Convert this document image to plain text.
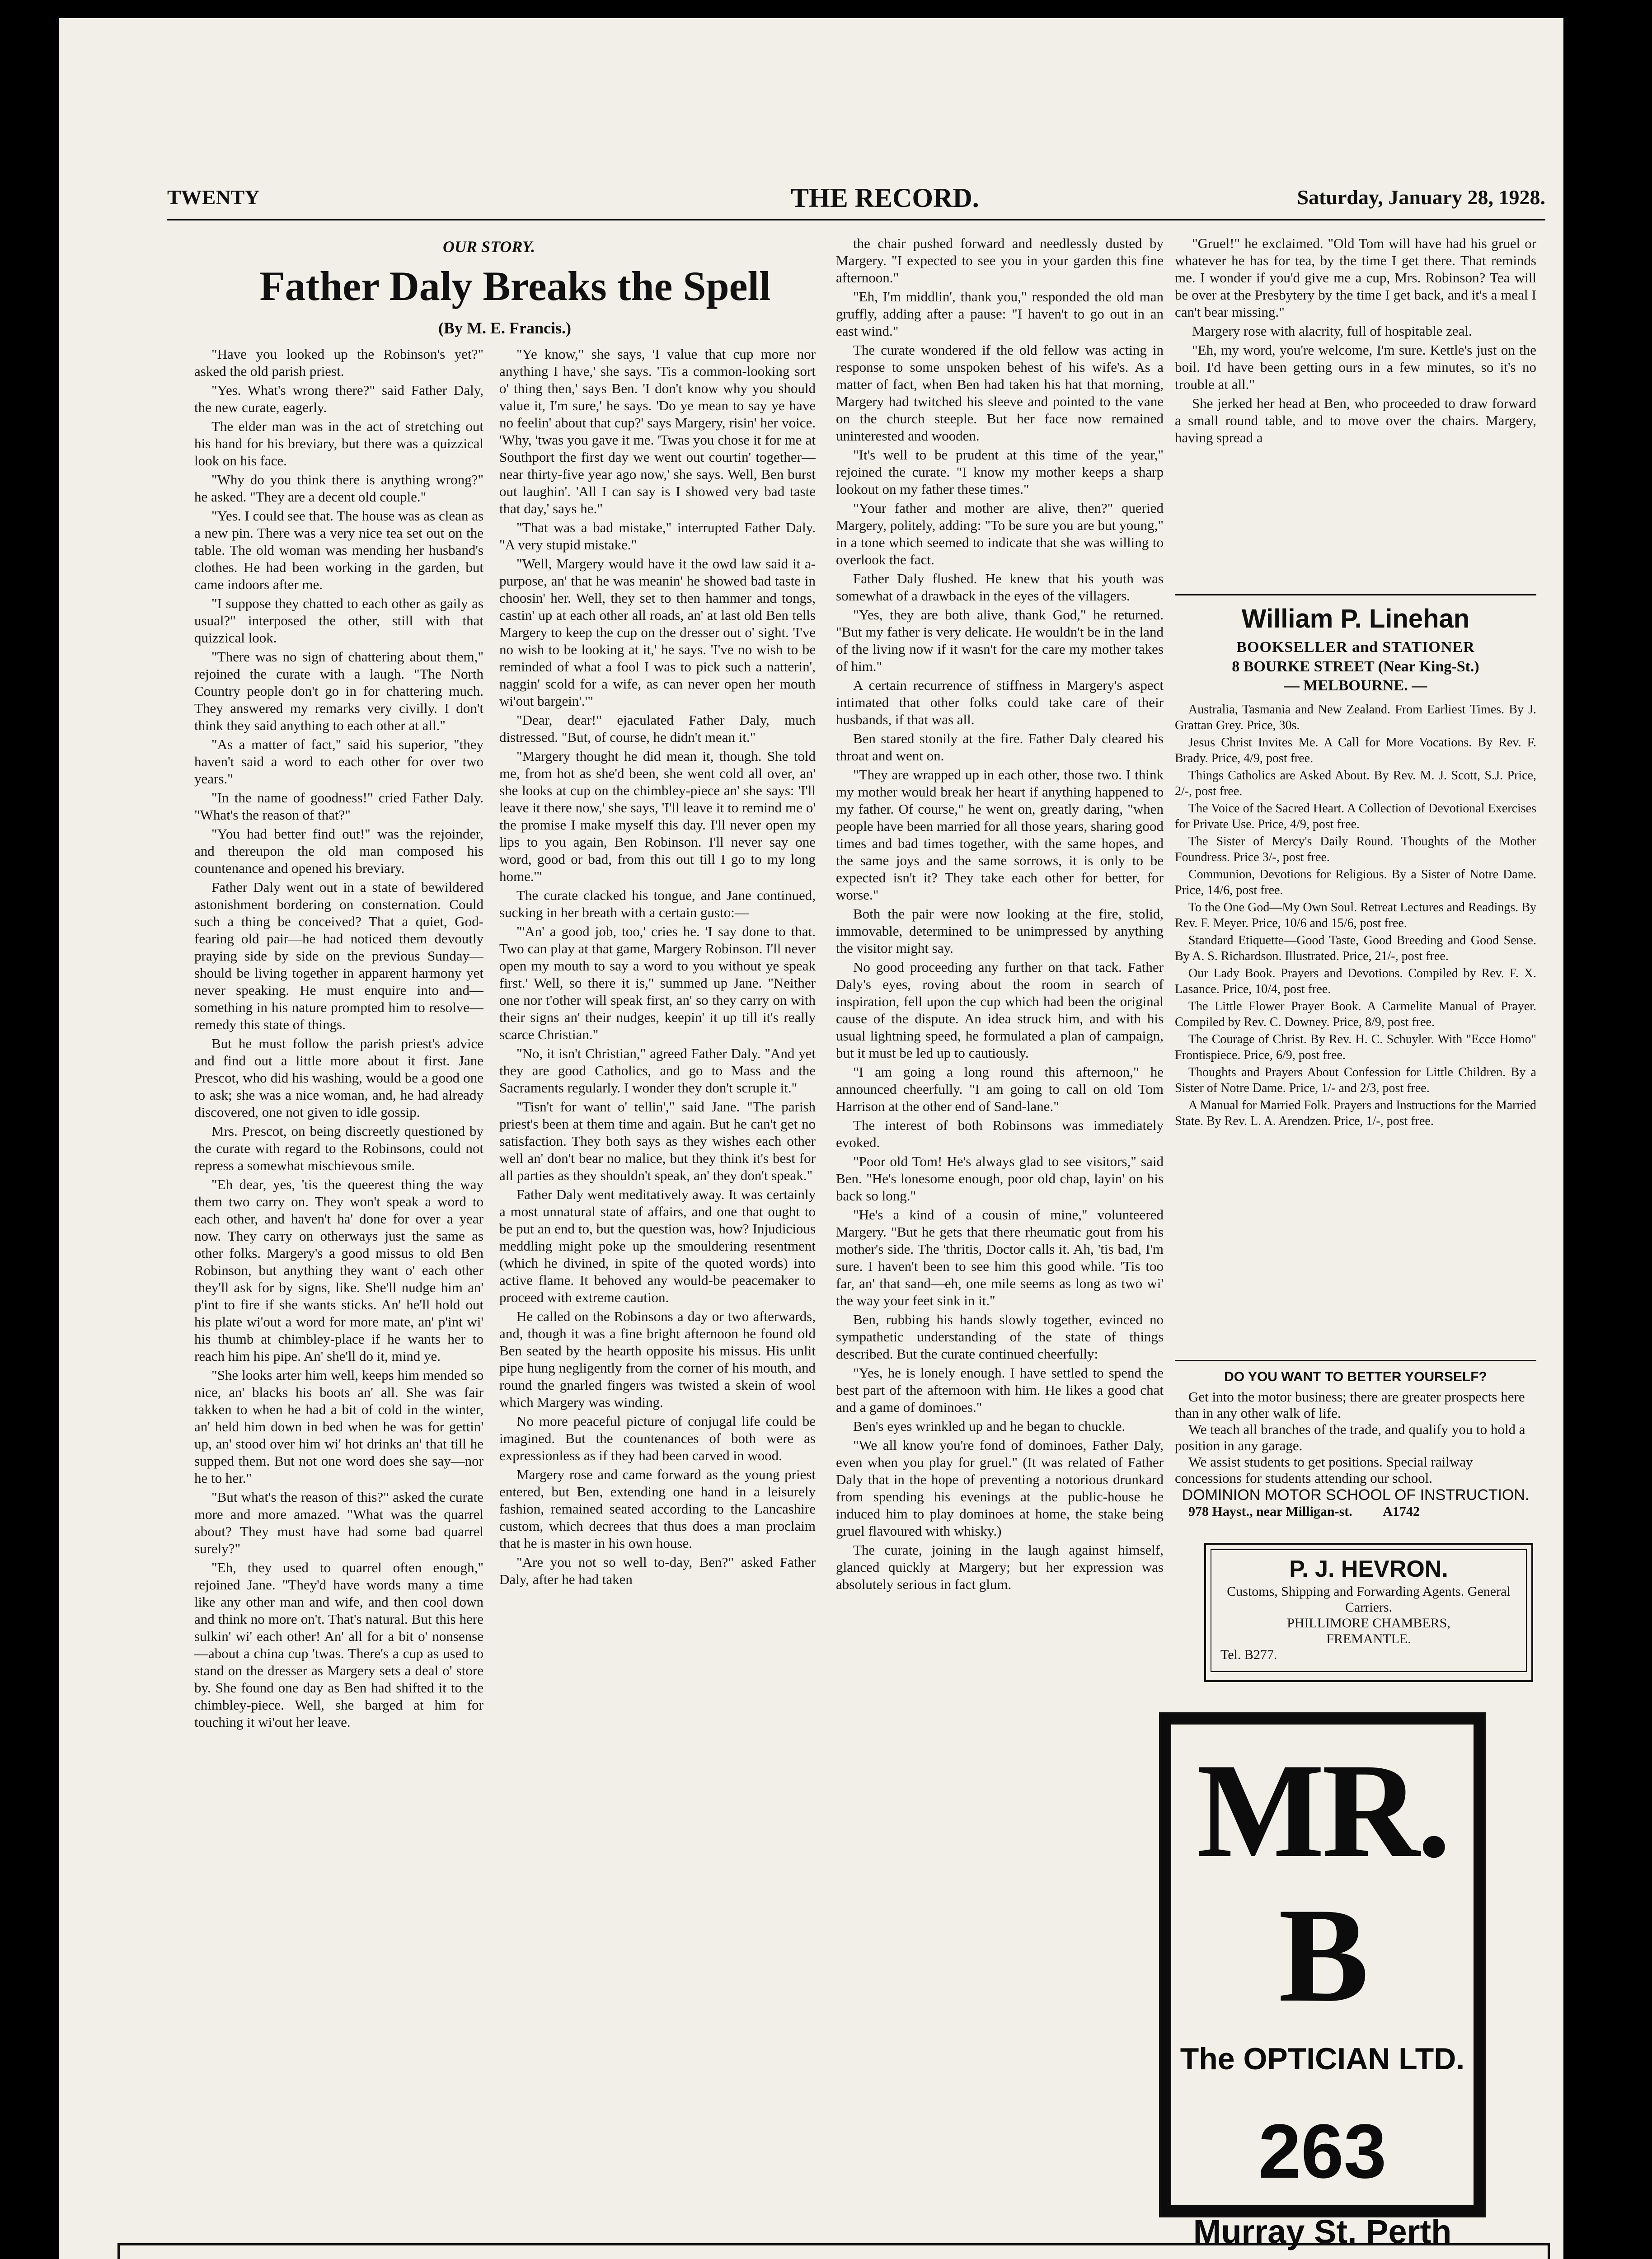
TWENTY	THE RECORD.	Saturday, January 28, 1928.
OUR STORY.
Father Daly Breaks the Spell
(By M. E. Francis.)

"Have you looked up the Robinson's yet?" asked the old parish priest.

"Yes. What's wrong there?" said Father Daly, the new curate, eagerly.

The elder man was in the act of stretching out his hand for his breviary, but there was a quizzical look on his face.

"Why do you think there is anything wrong?" he asked. "They are a decent old couple."

"Yes. I could see that. The house was as clean as a new pin. There was a very nice tea set out on the table. The old woman was mending her husband's clothes. He had been working in the garden, but came indoors after me.

"I suppose they chatted to each other as gaily as usual?" interposed the other, still with that quizzical look.

"There was no sign of chattering about them," rejoined the curate with a laugh. "The North Country people don't go in for chattering much. They answered my remarks very civilly. I don't think they said anything to each other at all."

"As a matter of fact," said his superior, "they haven't said a word to each other for over two years."

"In the name of goodness!" cried Father Daly. "What's the reason of that?"

"You had better find out!" was the rejoinder, and thereupon the old man composed his countenance and opened his breviary.

Father Daly went out in a state of bewildered astonishment bordering on consternation. Could such a thing be conceived? That a quiet, God-fearing old pair—he had noticed them devoutly praying side by side on the previous Sunday—should be living together in apparent harmony yet never speaking. He must enquire into and—something in his nature prompted him to resolve—remedy this state of things.

But he must follow the parish priest's advice and find out a little more about it first. Jane Prescot, who did his washing, would be a good one to ask; she was a nice woman, and, he had already discovered, one not given to idle gossip.

Mrs. Prescot, on being discreetly questioned by the curate with regard to the Robinsons, could not repress a somewhat mischievous smile.

"Eh dear, yes, 'tis the queerest thing the way them two carry on. They won't speak a word to each other, and haven't ha' done for over a year now. They carry on otherways just the same as other folks. Margery's a good missus to old Ben Robinson, but anything they want o' each other they'll ask for by signs, like. She'll nudge him an' p'int to fire if she wants sticks. An' he'll hold out his plate wi'out a word for more mate, an' p'int wi' his thumb at chimbley-place if he wants her to reach him his pipe. An' she'll do it, mind ye.

"She looks arter him well, keeps him mended so nice, an' blacks his boots an' all. She was fair takken to when he had a bit of cold in the winter, an' held him down in bed when he was for gettin' up, an' stood over him wi' hot drinks an' that till he supped them. But not one word does she say—nor he to her."

"But what's the reason of this?" asked the curate more and more amazed. "What was the quarrel about? They must have had some bad quarrel surely?"

"Eh, they used to quarrel often enough," rejoined Jane. "They'd have words many a time like any other man and wife, and then cool down and think no more on't. That's natural. But this here sulkin' wi' each other! An' all for a bit o' nonsense—about a china cup 'twas. There's a cup as used to stand on the dresser as Margery sets a deal o' store by. She found one day as Ben had shifted it to the chimbley-piece. Well, she barged at him for touching it wi'out her leave.

"Ye know," she says, 'I value that cup more nor anything I have,' she says. 'Tis a common-looking sort o' thing then,' says Ben. 'I don't know why you should value it, I'm sure,' he says. 'Do ye mean to say ye have no feelin' about that cup?' says Margery, risin' her voice. 'Why, 'twas you gave it me. 'Twas you chose it for me at Southport the first day we went out courtin' together—near thirty-five year ago now,' she says. Well, Ben burst out laughin'. 'All I can say is I showed very bad taste that day,' says he."

"That was a bad mistake," interrupted Father Daly. "A very stupid mistake."

"Well, Margery would have it the owd law said it a-purpose, an' that he was meanin' he showed bad taste in choosin' her. Well, they set to then hammer and tongs, castin' up at each other all roads, an' at last old Ben tells Margery to keep the cup on the dresser out o' sight. 'I've no wish to be looking at it,' he says. 'I've no wish to be reminded of what a fool I was to pick such a natterin', naggin' scold for a wife, as can never open her mouth wi'out bargein'.'"

"Dear, dear!" ejaculated Father Daly, much distressed. "But, of course, he didn't mean it."

"Margery thought he did mean it, though. She told me, from hot as she'd been, she went cold all over, an' she looks at cup on the chimbley-piece an' she says: 'I'll leave it there now,' she says, 'I'll leave it to remind me o' the promise I make myself this day. I'll never open my lips to you again, Ben Robinson. I'll never say one word, good or bad, from this out till I go to my long home.'"

The curate clacked his tongue, and Jane continued, sucking in her breath with a certain gusto:—

"'An' a good job, too,' cries he. 'I say done to that. Two can play at that game, Margery Robinson. I'll never open my mouth to say a word to you without ye speak first.' Well, so there it is," summed up Jane. "Neither one nor t'other will speak first, an' so they carry on with their signs an' their nudges, keepin' it up till it's really scarce Christian."

"No, it isn't Christian," agreed Father Daly. "And yet they are good Catholics, and go to Mass and the Sacraments regularly. I wonder they don't scruple it."

"Tisn't for want o' tellin'," said Jane. "The parish priest's been at them time and again. But he can't get no satisfaction. They both says as they wishes each other well an' don't bear no malice, but they think it's best for all parties as they shouldn't speak, an' they don't speak."

Father Daly went meditatively away. It was certainly a most unnatural state of affairs, and one that ought to be put an end to, but the question was, how? Injudicious meddling might poke up the smouldering resentment (which he divined, in spite of the quoted words) into active flame. It behoved any would-be peacemaker to proceed with extreme caution.

He called on the Robinsons a day or two afterwards, and, though it was a fine bright afternoon he found old Ben seated by the hearth opposite his missus. His unlit pipe hung negligently from the corner of his mouth, and round the gnarled fingers was twisted a skein of wool which Margery was winding.

No more peaceful picture of conjugal life could be imagined. But the countenances of both were as expressionless as if they had been carved in wood.

Margery rose and came forward as the young priest entered, but Ben, extending one hand in a leisurely fashion, remained seated according to the Lancashire custom, which decrees that thus does a man proclaim that he is master in his own house.

"Are you not so well to-day, Ben?" asked Father Daly, after he had taken

the chair pushed forward and needlessly dusted by Margery. "I expected to see you in your garden this fine afternoon."

"Eh, I'm middlin', thank you," responded the old man gruffly, adding after a pause: "I haven't to go out in an east wind."

The curate wondered if the old fellow was acting in response to some unspoken behest of his wife's. As a matter of fact, when Ben had taken his hat that morning, Margery had twitched his sleeve and pointed to the vane on the church steeple. But her face now remained uninterested and wooden.

"It's well to be prudent at this time of the year," rejoined the curate. "I know my mother keeps a sharp lookout on my father these times."

"Your father and mother are alive, then?" queried Margery, politely, adding: "To be sure you are but young," in a tone which seemed to indicate that she was willing to overlook the fact.

Father Daly flushed. He knew that his youth was somewhat of a drawback in the eyes of the villagers.

"Yes, they are both alive, thank God," he returned. "But my father is very delicate. He wouldn't be in the land of the living now if it wasn't for the care my mother takes of him."

A certain recurrence of stiffness in Margery's aspect intimated that other folks could take care of their husbands, if that was all.

Ben stared stonily at the fire. Father Daly cleared his throat and went on.

"They are wrapped up in each other, those two. I think my mother would break her heart if anything happened to my father. Of course," he went on, greatly daring, "when people have been married for all those years, sharing good times and bad times together, with the same hopes, and the same joys and the same sorrows, it is only to be expected isn't it? They take each other for better, for worse."

Both the pair were now looking at the fire, stolid, immovable, determined to be unimpressed by anything the visitor might say.

No good proceeding any further on that tack. Father Daly's eyes, roving about the room in search of inspiration, fell upon the cup which had been the original cause of the dispute. An idea struck him, and with his usual lightning speed, he formulated a plan of campaign, but it must be led up to cautiously.

"I am going a long round this afternoon," he announced cheerfully. "I am going to call on old Tom Harrison at the other end of Sand-lane."

The interest of both Robinsons was immediately evoked.

"Poor old Tom! He's always glad to see visitors," said Ben. "He's lonesome enough, poor old chap, layin' on his back so long."

"He's a kind of a cousin of mine," volunteered Margery. "But he gets that there rheumatic gout from his mother's side. The 'thritis, Doctor calls it. Ah, 'tis bad, I'm sure. I haven't been to see him this good while. 'Tis too far, an' that sand—eh, one mile seems as long as two wi' the way your feet sink in it."

Ben, rubbing his hands slowly together, evinced no sympathetic understanding of the state of things described. But the curate continued cheerfully:

"Yes, he is lonely enough. I have settled to spend the best part of the afternoon with him. He likes a good chat and a game of dominoes."

Ben's eyes wrinkled up and he began to chuckle.

"We all know you're fond of dominoes, Father Daly, even when you play for gruel." (It was related of Father Daly that in the hope of preventing a notorious drunkard from spending his evenings at the public-house he induced him to play dominoes at home, the stake being gruel flavoured with whisky.)

The curate, joining in the laugh against himself, glanced quickly at Margery; but her expression was absolutely serious in fact glum.

"Gruel!" he exclaimed. "Old Tom will have had his gruel or whatever he has for tea, by the time I get there. That reminds me. I wonder if you'd give me a cup, Mrs. Robinson? Tea will be over at the Presbytery by the time I get back, and it's a meal I can't bear missing."

Margery rose with alacrity, full of hospitable zeal.

"Eh, my word, you're welcome, I'm sure. Kettle's just on the boil. I'd have been getting ours in a few minutes, so it's no trouble at all."

She jerked her head at Ben, who proceeded to draw forward a small round table, and to move over the chairs. Margery, having spread a

William P. Linehan
BOOKSELLER and STATIONER
8 BOURKE STREET (Near King-St.)
— MELBOURNE. —

Australia, Tasmania and New Zealand. From Earliest Times. By J. Grattan Grey. Price, 30s.

Jesus Christ Invites Me. A Call for More Vocations. By Rev. F. Brady. Price, 4/9, post free.

Things Catholics are Asked About. By Rev. M. J. Scott, S.J. Price, 2/-, post free.

The Voice of the Sacred Heart. A Collection of Devotional Exercises for Private Use. Price, 4/9, post free.

The Sister of Mercy's Daily Round. Thoughts of the Mother Foundress. Price 3/-, post free.

Communion, Devotions for Religious. By a Sister of Notre Dame. Price, 14/6, post free.

To the One God—My Own Soul. Retreat Lectures and Readings. By Rev. F. Meyer. Price, 10/6 and 15/6, post free.

Standard Etiquette—Good Taste, Good Breeding and Good Sense. By A. S. Richardson. Illustrated. Price, 21/-, post free.

Our Lady Book. Prayers and Devotions. Compiled by Rev. F. X. Lasance. Price, 10/4, post free.

The Little Flower Prayer Book. A Carmelite Manual of Prayer. Compiled by Rev. C. Downey. Price, 8/9, post free.

The Courage of Christ. By Rev. H. C. Schuyler. With "Ecce Homo" Frontispiece. Price, 6/9, post free.

Thoughts and Prayers About Confession for Little Children. By a Sister of Notre Dame. Price, 1/- and 2/3, post free.

A Manual for Married Folk. Prayers and Instructions for the Married State. By Rev. L. A. Arendzen. Price, 1/-, post free.

DO YOU WANT TO BETTER YOURSELF?

Get into the motor business; there are greater prospects here than in any other walk of life.

We teach all branches of the trade, and qualify you to hold a position in any garage.

We assist students to get positions. Special railway concessions for students attending our school.

DOMINION MOTOR SCHOOL OF INSTRUCTION.
978 Hayst., near Milligan-st. A1742
P. J. HEVRON.
Customs, Shipping and Forwarding Agents. General Carriers.
PHILLIMORE CHAMBERS,
FREMANTLE.
Tel. B277.
MR. B
The OPTICIAN LTD.
263
Murray St. Perth
